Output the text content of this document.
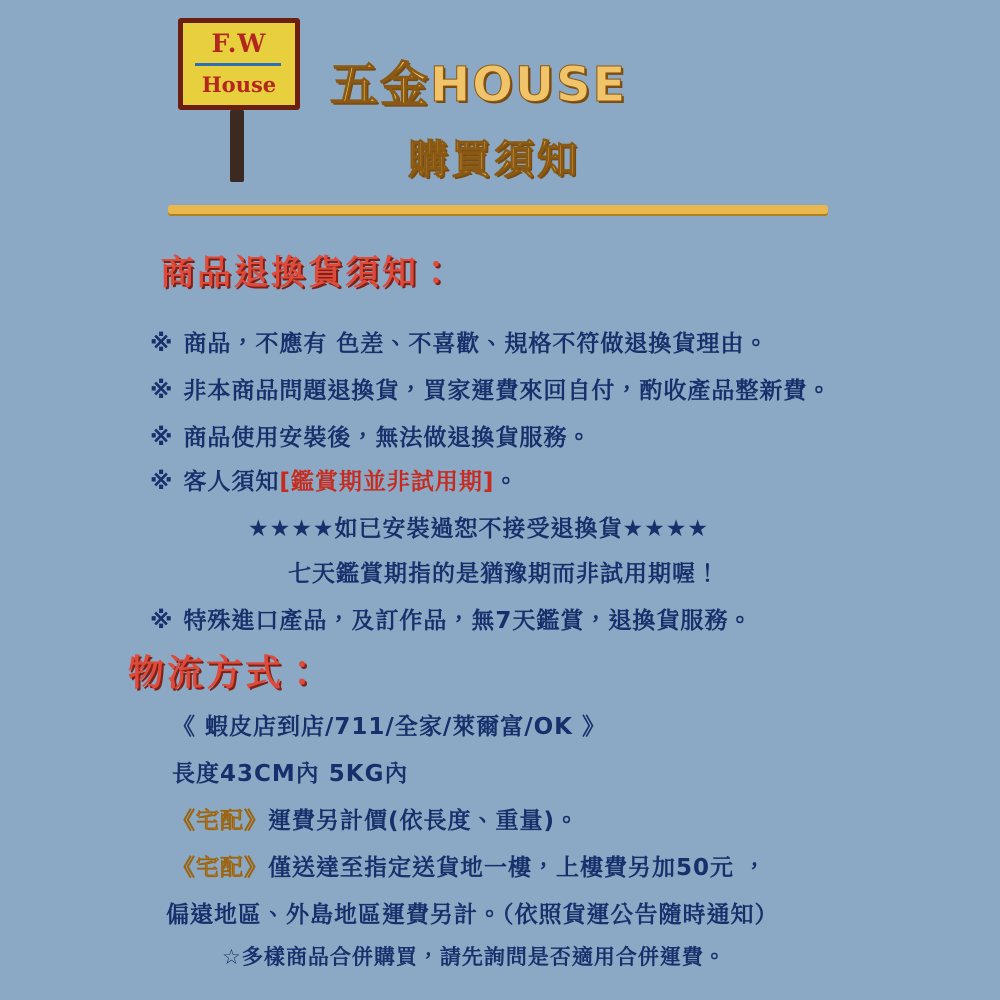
F.W
House	五金HOUSE
購買須知
商品退換貨須知：
※ 商品，不應有 色差、不喜歡、規格不符做退換貨理由。
※ 非本商品問題退換貨，買家運費來回自付，酌收產品整新費。
※ 商品使用安裝後，無法做退換貨服務。
※ 客人須知[鑑賞期並非試用期]。
★★★★如已安裝過恕不接受退換貨★★★★
七天鑑賞期指的是猶豫期而非試用期喔！
※ 特殊進口產品，及訂作品，無7天鑑賞，退換貨服務。
物流方式：
《 蝦皮店到店/711/全家/萊爾富/OK 》
長度43CM內 5KG內
《宅配》運費另計價(依長度、重量)。
《宅配》僅送達至指定送貨地一樓，上樓費另加50元 ，
偏遠地區、外島地區運費另計。（依照貨運公告隨時通知）
☆多樣商品合併購買，請先詢問是否適用合併運費。
